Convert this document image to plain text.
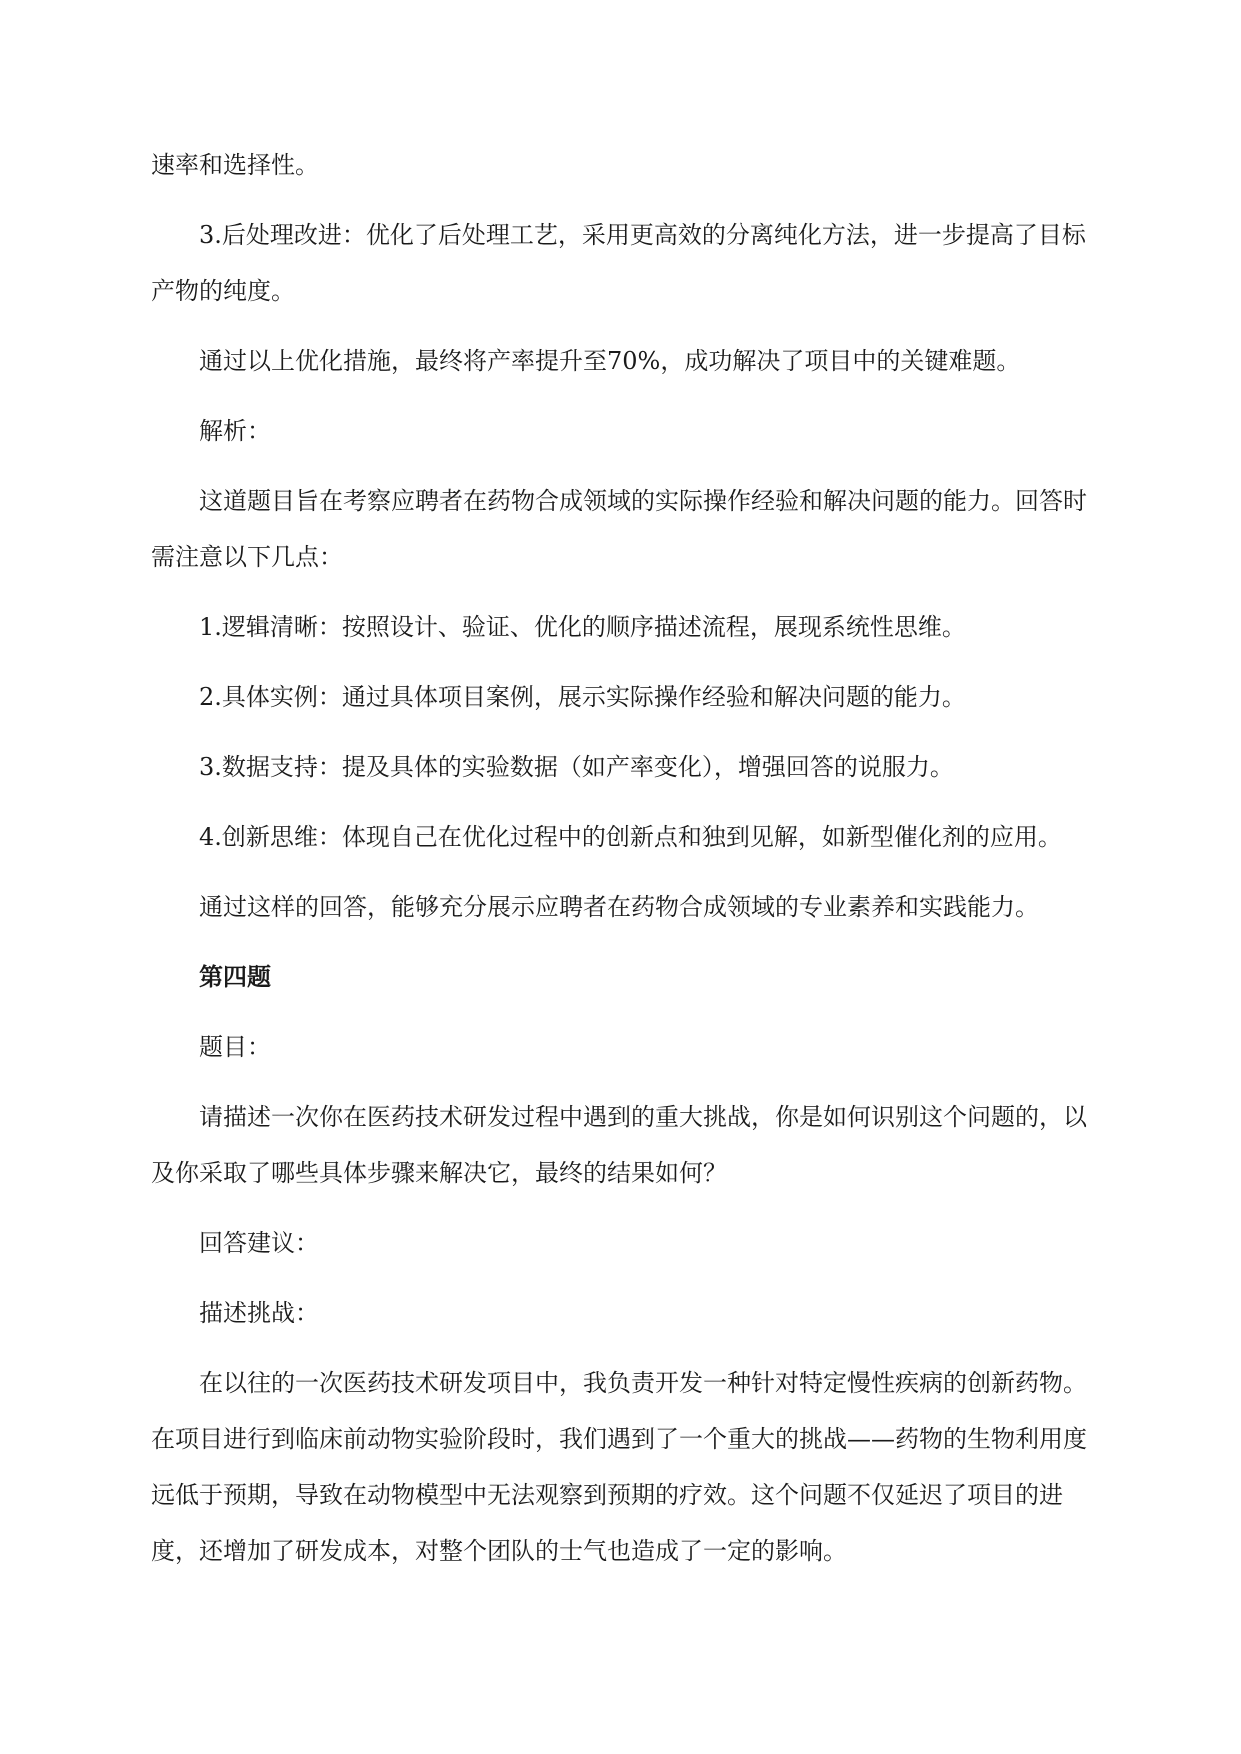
速率和选择性。

3.后处理改进：优化了后处理工艺，采用更高效的分离纯化方法，进一步提高了目标产物的纯度。

通过以上优化措施，最终将产率提升至70%，成功解决了项目中的关键难题。

解析：

这道题目旨在考察应聘者在药物合成领域的实际操作经验和解决问题的能力。回答时需注意以下几点：

1.逻辑清晰：按照设计、验证、优化的顺序描述流程，展现系统性思维。

2.具体实例：通过具体项目案例，展示实际操作经验和解决问题的能力。

3.数据支持：提及具体的实验数据（如产率变化），增强回答的说服力。

4.创新思维：体现自己在优化过程中的创新点和独到见解，如新型催化剂的应用。

通过这样的回答，能够充分展示应聘者在药物合成领域的专业素养和实践能力。

第四题

题目：

请描述一次你在医药技术研发过程中遇到的重大挑战，你是如何识别这个问题的，以及你采取了哪些具体步骤来解决它，最终的结果如何？

回答建议：

描述挑战：

在以往的一次医药技术研发项目中，我负责开发一种针对特定慢性疾病的创新药物。在项目进行到临床前动物实验阶段时，我们遇到了一个重大的挑战——药物的生物利用度远低于预期，导致在动物模型中无法观察到预期的疗效。这个问题不仅延迟了项目的进度，还增加了研发成本，对整个团队的士气也造成了一定的影响。
